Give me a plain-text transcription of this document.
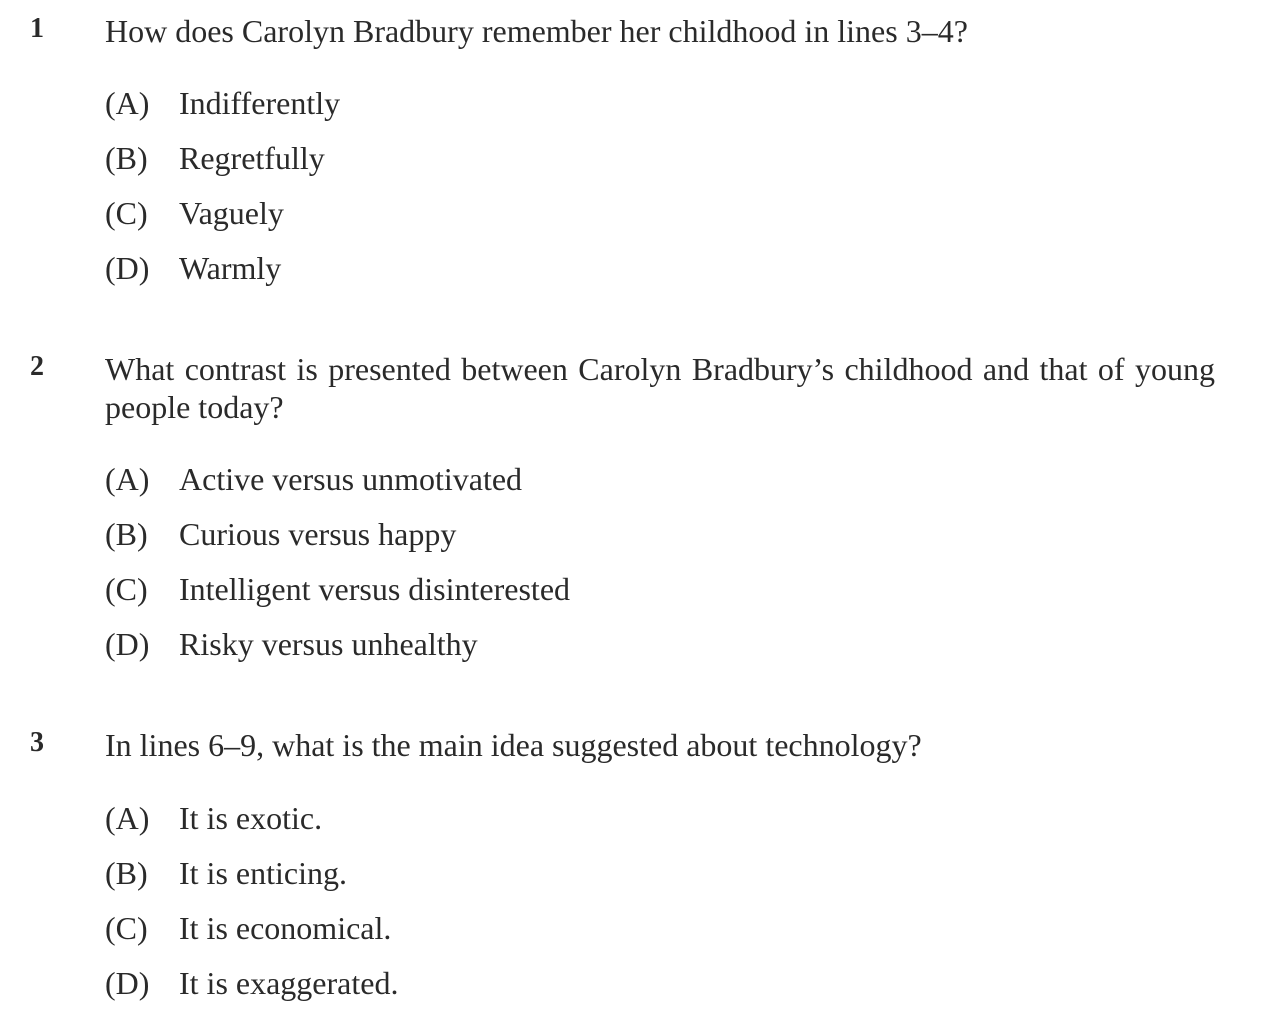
1 How does Carolyn Bradbury remember her childhood in lines 3–4?
(A) Indifferently
(B) Regretfully
(C) Vaguely
(D) Warmly
2 What contrast is presented between Carolyn Bradbury’s childhood and that of young people today?
(A) Active versus unmotivated
(B) Curious versus happy
(C) Intelligent versus disinterested
(D) Risky versus unhealthy
3 In lines 6–9, what is the main idea suggested about technology?
(A) It is exotic.
(B) It is enticing.
(C) It is economical.
(D) It is exaggerated.
